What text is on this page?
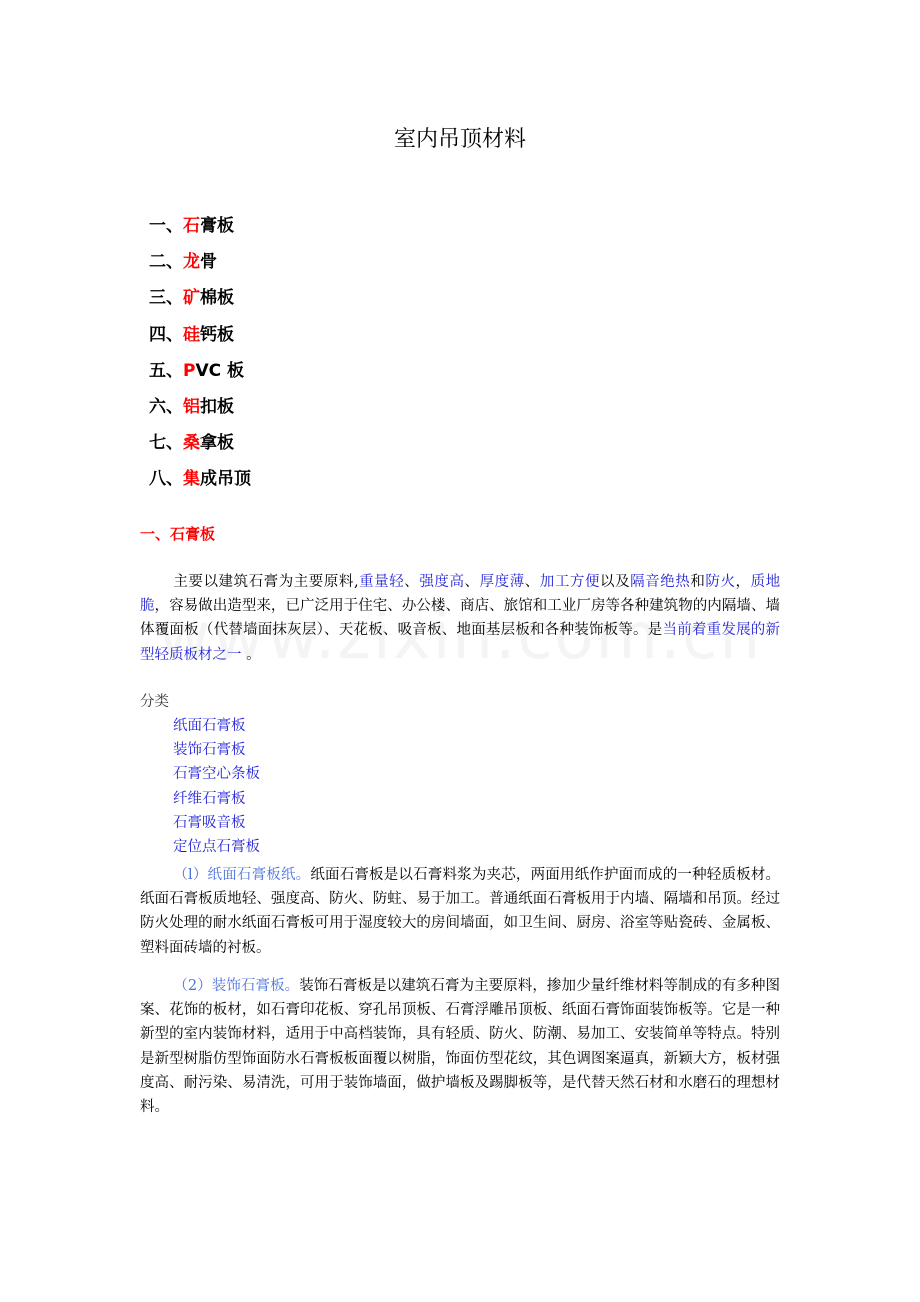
室内吊顶材料
一、石膏板
二、龙骨
三、矿棉板
四、硅钙板
五、PVC 板
六、铝扣板
七、桑拿板
八、集成吊顶
一、石膏板

主要以建筑石膏为主要原料,重量轻、强度高、厚度薄、加工方便以及隔音绝热和防火，质地脆，容易做出造型来，已广泛用于住宅、办公楼、商店、旅馆和工业厂房等各种建筑物的内隔墙、墙体覆面板（代替墙面抹灰层）、天花板、吸音板、地面基层板和各种装饰板等。是当前着重发展的新型轻质板材之一 。

分类

纸面石膏板
装饰石膏板
石膏空心条板
纤维石膏板
石膏吸音板
定位点石膏板

（l）纸面石膏板纸。纸面石膏板是以石膏料浆为夹芯，两面用纸作护面而成的一种轻质板材。纸面石膏板质地轻、强度高、防火、防蛀、易于加工。普通纸面石膏板用于内墙、隔墙和吊顶。经过防火处理的耐水纸面石膏板可用于湿度较大的房间墙面，如卫生间、厨房、浴室等贴瓷砖、金属板、塑料面砖墙的衬板。

（2）装饰石膏板。装饰石膏板是以建筑石膏为主要原料，掺加少量纤维材料等制成的有多种图案、花饰的板材，如石膏印花板、穿孔吊顶板、石膏浮雕吊顶板、纸面石膏饰面装饰板等。它是一种新型的室内装饰材料，适用于中高档装饰，具有轻质、防火、防潮、易加工、安装简单等特点。特别是新型树脂仿型饰面防水石膏板板面覆以树脂，饰面仿型花纹，其色调图案逼真，新颖大方，板材强度高、耐污染、易清洗，可用于装饰墙面，做护墙板及踢脚板等，是代替天然石材和水磨石的理想材料。
